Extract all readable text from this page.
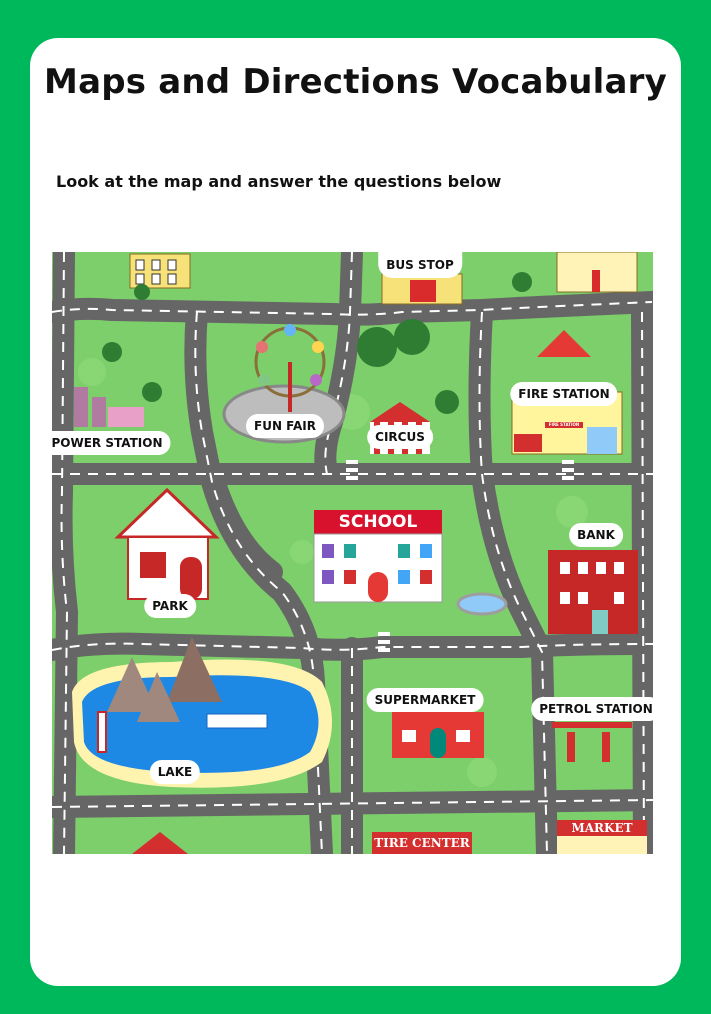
Maps and Directions Vocabulary
Look at the map and answer the questions below
BUS STOP
FIRE STATION
FUN FAIR
CIRCUS
POWER STATION
PARK
BANK
SUPERMARKET
PETROL STATION
LAKE
SCHOOL
TIRE CENTER
MARKET
FIRE STATION
